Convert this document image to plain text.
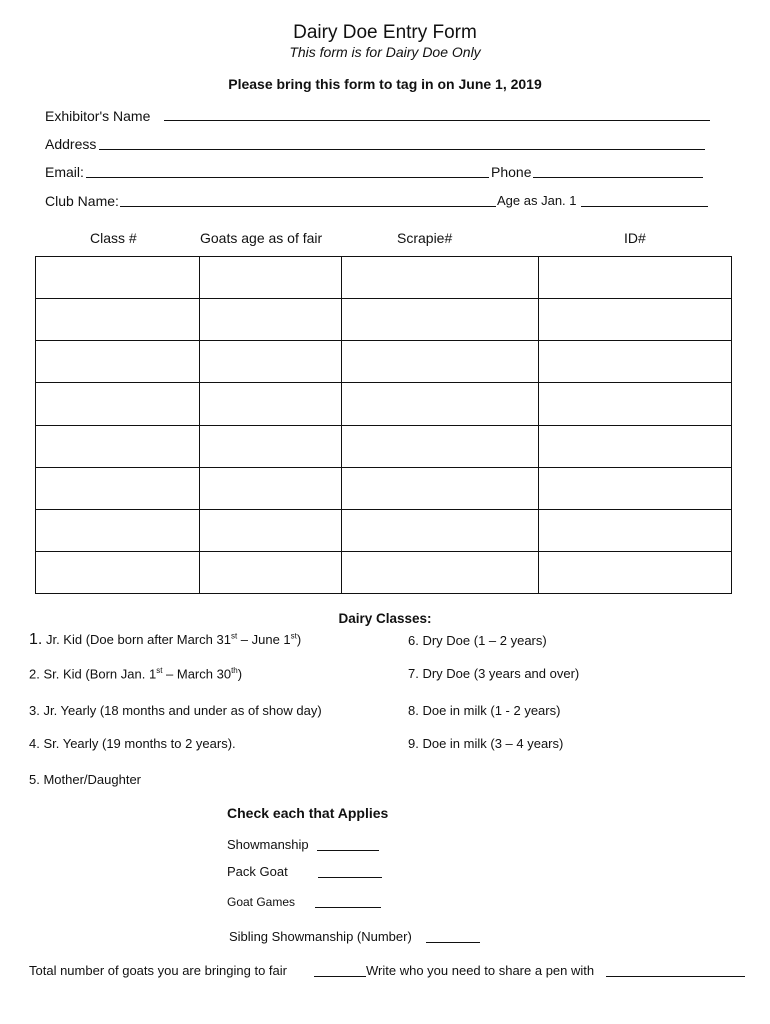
Dairy Doe Entry Form
This form is for Dairy Doe Only
Please bring this form to tag in on June 1, 2019
Exhibitor's Name
Address
Email:	Phone
Club Name:	Age as Jan. 1
Class #	Goats age as of fair	Scrapie#	ID#

Dairy Classes:
1. Jr. Kid (Doe born after March 31st – June 1st)	6. Dry Doe (1 – 2 years)
2. Sr. Kid (Born Jan. 1st – March 30th)	7. Dry Doe (3 years and over)
3. Jr. Yearly (18 months and under as of show day)	8. Doe in milk (1 - 2 years)
4. Sr. Yearly (19 months to 2 years).	9. Doe in milk (3 – 4 years)
5. Mother/Daughter
Check each that Applies
Showmanship
Pack Goat
Goat Games
Sibling Showmanship (Number)
Total number of goats you are bringing to fair	Write who you need to share a pen with
